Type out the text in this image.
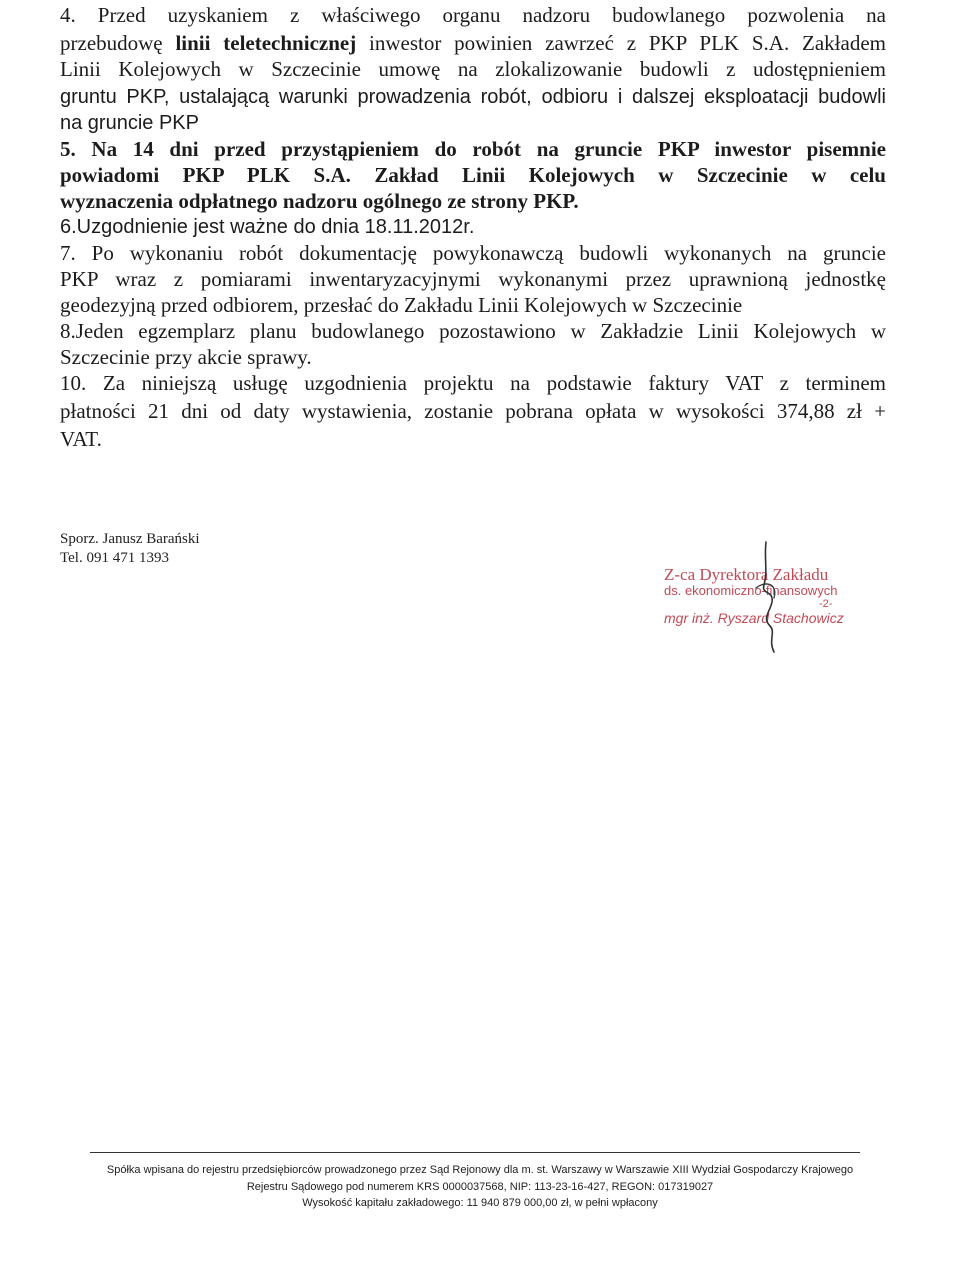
4. Przed uzyskaniem z właściwego organu nadzoru budowlanego pozwolenia na
przebudowę linii teletechnicznej inwestor powinien zawrzeć z PKP PLK S.A. Zakładem
Linii Kolejowych w Szczecinie umowę na zlokalizowanie budowli z udostępnieniem
gruntu PKP, ustalającą warunki prowadzenia robót, odbioru i dalszej eksploatacji budowli
na gruncie PKP
5. Na 14 dni przed przystąpieniem do robót na gruncie PKP inwestor pisemnie
powiadomi PKP PLK S.A. Zakład Linii Kolejowych w Szczecinie w celu
wyznaczenia odpłatnego nadzoru ogólnego ze strony PKP.
6.Uzgodnienie jest ważne do dnia 18.11.2012r.
7. Po wykonaniu robót dokumentację powykonawczą budowli wykonanych na gruncie
PKP wraz z pomiarami inwentaryzacyjnymi wykonanymi przez uprawnioną jednostkę
geodezyjną przed odbiorem, przesłać do Zakładu Linii Kolejowych w Szczecinie
8.Jeden egzemplarz planu budowlanego pozostawiono w Zakładzie Linii Kolejowych w
Szczecinie przy akcie sprawy.
10. Za niniejszą usługę uzgodnienia projektu na podstawie faktury VAT z terminem
płatności 21 dni od daty wystawienia, zostanie pobrana opłata w wysokości 374,88 zł +
VAT.
Sporz. Janusz Barański
Tel. 091 471 1393
Z-ca Dyrektora Zakładu
ds. ekonomiczno-finansowych
-2-
mgr inż. Ryszard Stachowicz
Spółka wpisana do rejestru przedsiębiorców prowadzonego przez Sąd Rejonowy dla m. st. Warszawy w Warszawie XIII Wydział Gospodarczy Krajowego
Rejestru Sądowego pod numerem KRS 0000037568, NIP: 113-23-16-427, REGON: 017319027
Wysokość kapitału zakładowego: 11 940 879 000,00 zł, w pełni wpłacony
